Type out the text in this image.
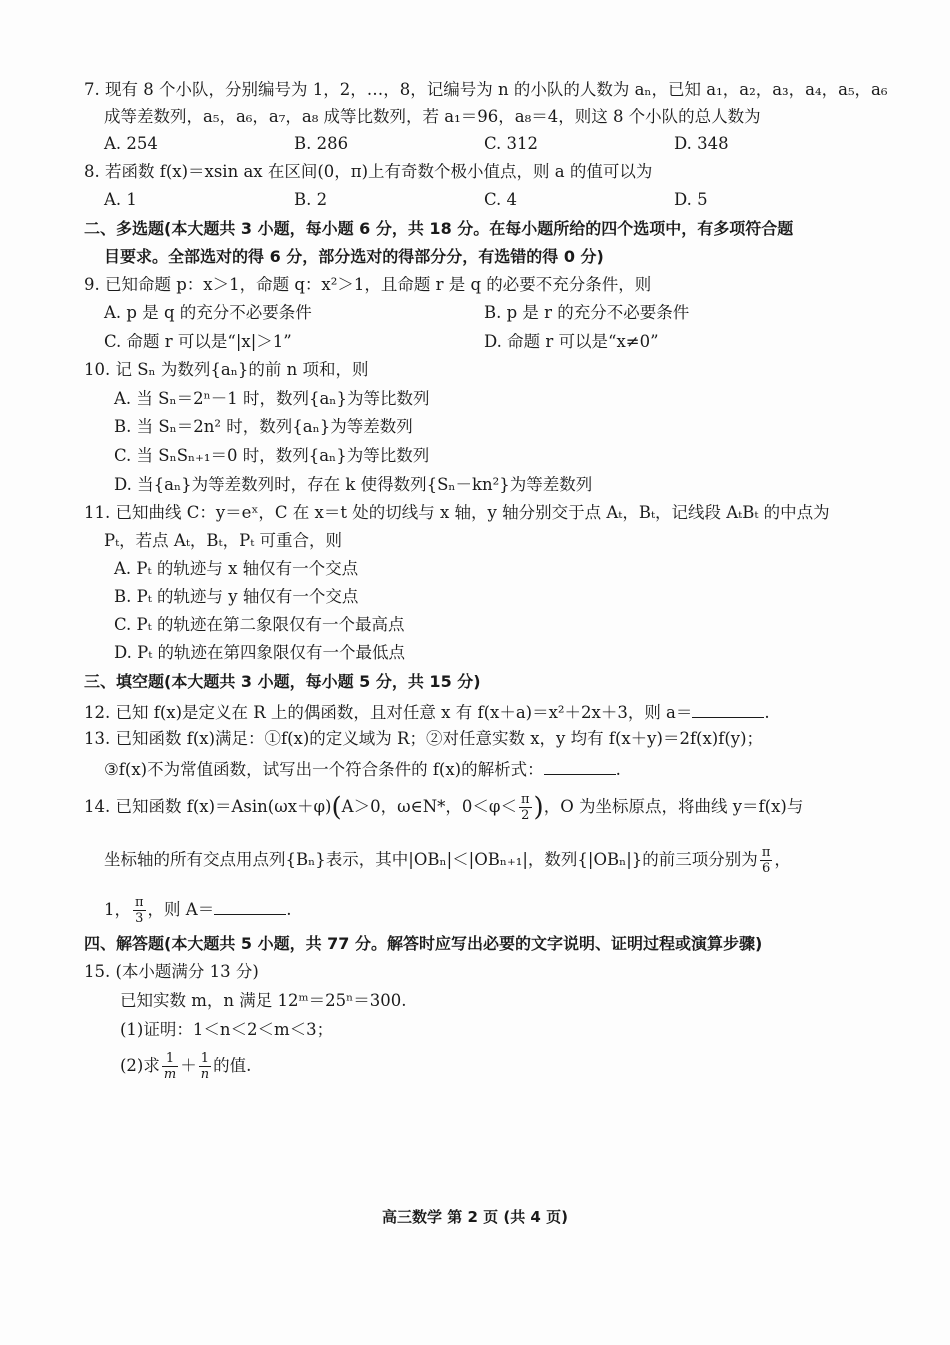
7. 现有 8 个小队，分别编号为 1，2，…，8，记编号为 n 的小队的人数为 aₙ，已知 a₁，a₂，a₃，a₄，a₅，a₆
成等差数列，a₅，a₆，a₇，a₈ 成等比数列，若 a₁＝96，a₈＝4，则这 8 个小队的总人数为
A. 254	B. 286	C. 312	D. 348
8. 若函数 f(x)＝xsin ax 在区间(0，π)上有奇数个极小值点，则 a 的值可以为
A. 1	B. 2	C. 4	D. 5
二、多选题(本大题共 3 小题，每小题 6 分，共 18 分。在每小题所给的四个选项中，有多项符合题
目要求。全部选对的得 6 分，部分选对的得部分分，有选错的得 0 分)
9. 已知命题 p：x＞1，命题 q：x²＞1，且命题 r 是 q 的必要不充分条件，则
A. p 是 q 的充分不必要条件	B. p 是 r 的充分不必要条件
C. 命题 r 可以是“|x|＞1”	D. 命题 r 可以是“x≠0”
10. 记 Sₙ 为数列{aₙ}的前 n 项和，则
A. 当 Sₙ＝2ⁿ－1 时，数列{aₙ}为等比数列
B. 当 Sₙ＝2n² 时，数列{aₙ}为等差数列
C. 当 SₙSₙ₊₁＝0 时，数列{aₙ}为等比数列
D. 当{aₙ}为等差数列时，存在 k 使得数列{Sₙ－kn²}为等差数列
11. 已知曲线 C：y＝eˣ，C 在 x＝t 处的切线与 x 轴，y 轴分别交于点 Aₜ，Bₜ，记线段 AₜBₜ 的中点为
Pₜ，若点 Aₜ，Bₜ，Pₜ 可重合，则
A. Pₜ 的轨迹与 x 轴仅有一个交点
B. Pₜ 的轨迹与 y 轴仅有一个交点
C. Pₜ 的轨迹在第二象限仅有一个最高点
D. Pₜ 的轨迹在第四象限仅有一个最低点
三、填空题(本大题共 3 小题，每小题 5 分，共 15 分)
12. 已知 f(x)是定义在 R 上的偶函数，且对任意 x 有 f(x＋a)＝x²＋2x＋3，则 a＝	.
13. 已知函数 f(x)满足：①f(x)的定义域为 R；②对任意实数 x，y 均有 f(x＋y)＝2f(x)f(y)；
③f(x)不为常值函数，试写出一个符合条件的 f(x)的解析式：	.
14. 已知函数 f(x)＝Asin(ωx＋φ)(A＞0，ω∈N*，$0<\varphi< \frac{\pi}{2}$ )，O 为坐标原点，将曲线 y＝f(x)与
坐标轴的所有交点用点列{Bₙ}表示，其中|OBₙ|＜|OBₙ₊₁|，数列{|OBₙ|}的前三项分别为 $\frac{\pi}{6}$ ，
1， $\frac{\pi}{3}$ ，则 A＝	.
四、解答题(本大题共 5 小题，共 77 分。解答时应写出必要的文字说明、证明过程或演算步骤)
15. (本小题满分 13 分)
已知实数 m，n 满足 12ᵐ＝25ⁿ＝300.
(1)证明：1＜n＜2＜m＜3；
(2)求 $\frac{1}{m} + \frac{1}{n}$ 的值.
高三数学 第 2 页 (共 4 页)
